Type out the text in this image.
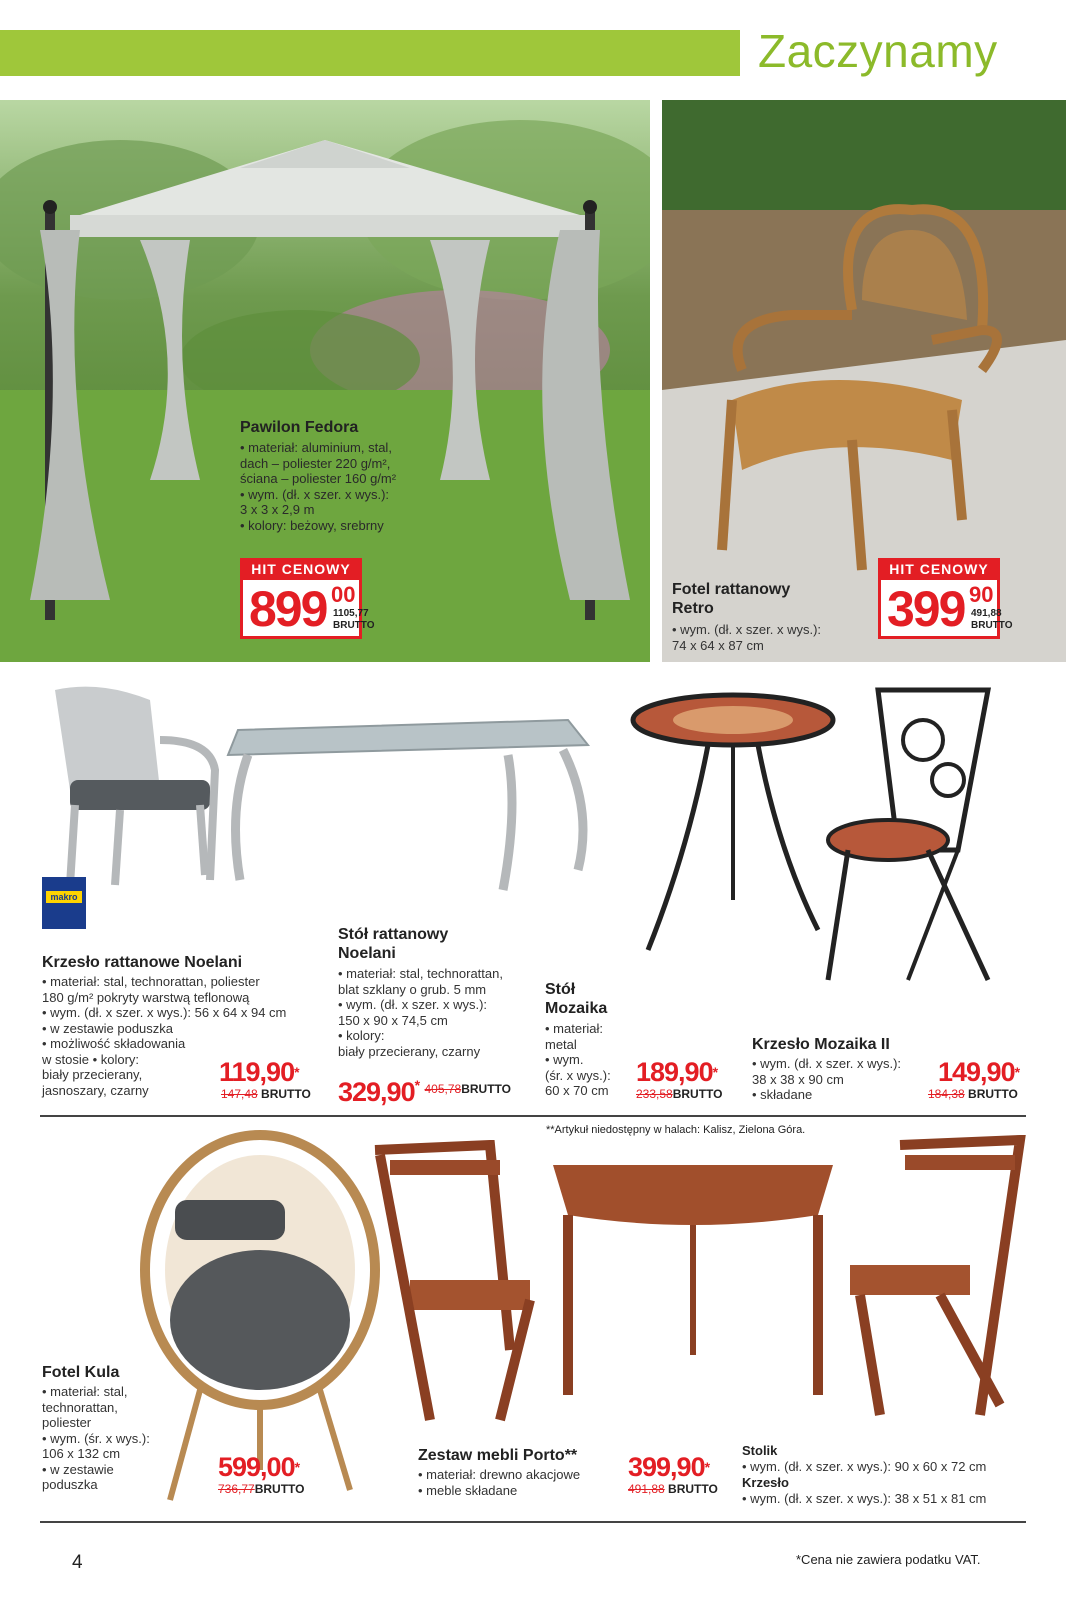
Zaczynamy
Pawilon Fedora
• materiał: aluminium, stal,
dach – poliester 220 g/m²,
ściana – poliester 160 g/m²
• wym. (dł. x szer. x wys.):
3 x 3 x 2,9 m
• kolory: beżowy, srebrny
HIT CENOWY
899 00
1105,77
BRUTTO
Fotel rattanowy
Retro
• wym. (dł. x szer. x wys.):
74 x 64 x 87 cm
HIT CENOWY
399 90
491,88
BRUTTO
makro
Krzesło rattanowe Noelani
• materiał: stal, technorattan, poliester
180 g/m² pokryty warstwą teflonową
• wym. (dł. x szer. x wys.): 56 x 64 x 94 cm
• w zestawie poduszka
• możliwość składowania
w stosie • kolory:
biały przecierany,
jasnoszary, czarny
119,90*
147,48 BRUTTO
Stół rattanowy
Noelani
• materiał: stal, technorattan,
blat szklany o grub. 5 mm
• wym. (dł. x szer. x wys.):
150 x 90 x 74,5 cm
• kolory:
biały przecierany, czarny
329,90* $^{405,78BRUTTO}$
Stół
Mozaika
• materiał:
metal
• wym.
(śr. x wys.):
60 x 70 cm
189,90*
233,58BRUTTO
Krzesło Mozaika II
• wym. (dł. x szer. x wys.):
38 x 38 x 90 cm
• składane
149,90*
184,38 BRUTTO
**Artykuł niedostępny w halach: Kalisz, Zielona Góra.
Fotel Kula
• materiał: stal,
technorattan,
poliester
• wym. (śr. x wys.):
106 x 132 cm
• w zestawie
poduszka
599,00*
736,77BRUTTO
Zestaw mebli Porto**
• materiał: drewno akacjowe
• meble składane
399,90*
491,88 BRUTTO
Stolik
• wym. (dł. x szer. x wys.): 90 x 60 x 72 cm
Krzesło
• wym. (dł. x szer. x wys.): 38 x 51 x 81 cm
4	*Cena nie zawiera podatku VAT.
